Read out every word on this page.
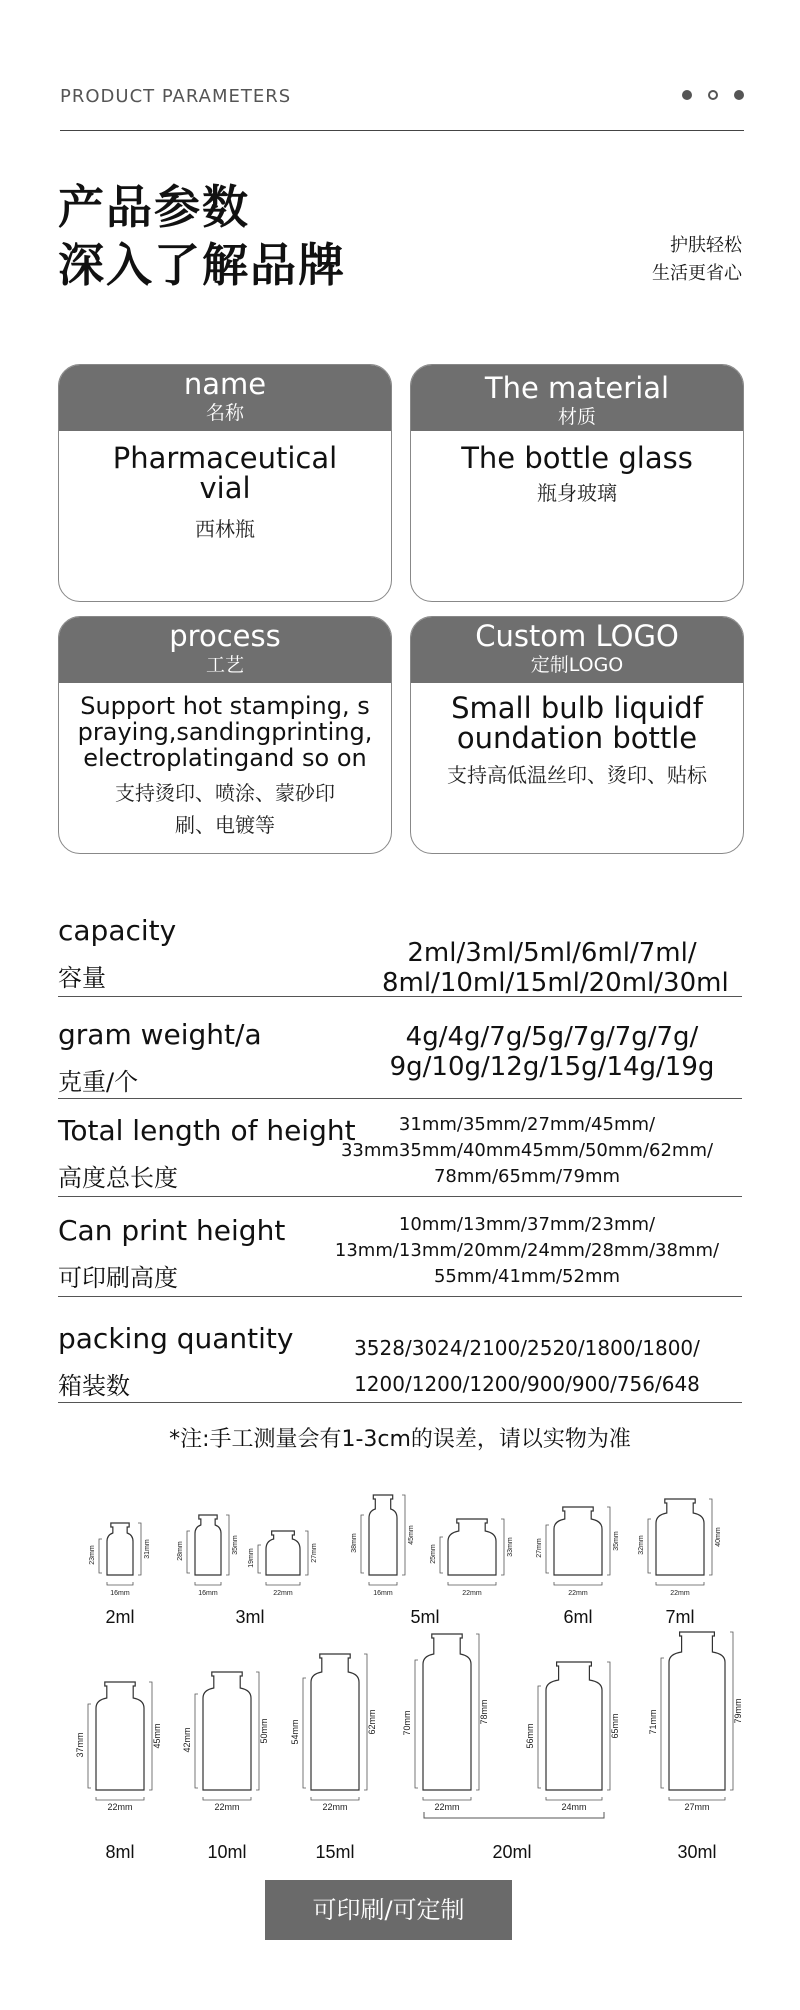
PRODUCT PARAMETERS
产品参数
深入了解品牌	护肤轻松
生活更省心
name
名称
Pharmaceutical vial
西林瓶
The material
材质
The bottle glass
瓶身玻璃
process
工艺
Support hot stamping, spraying,sandingprinting,electroplatingand so on
支持烫印、喷涂、蒙砂印刷、电镀等
Custom LOGO
定制LOGO
Small bulb liquidfoundation bottle
支持高低温丝印、烫印、贴标
capacity
容量
2ml/3ml/5ml/6ml/7ml/
8ml/10ml/15ml/20ml/30ml
gram weight/a
克重/个
4g/4g/7g/5g/7g/7g/7g/
9g/10g/12g/15g/14g/19g
Total length of height
高度总长度
31mm/35mm/27mm/45mm/
33mm35mm/40mm45mm/50mm/62mm/
78mm/65mm/79mm
Can print height
可印刷高度
10mm/13mm/37mm/23mm/
13mm/13mm/20mm/24mm/28mm/38mm/
55mm/41mm/52mm
packing quantity
箱装数
3528/3024/2100/2520/1800/1800/
1200/1200/1200/900/900/756/648
*注:手工测量会有1-3cm的误差，请以实物为准
23mm	31mm
16mm
28mm	35mm
16mm
19mm	27mm
22mm
38mm	45mm
16mm
25mm	33mm
22mm
27mm	35mm
22mm
32mm	40mm
22mm
37mm	45mm
22mm
42mm	50mm
22mm
54mm	62mm
22mm
70mm	78mm
22mm
56mm	65mm
24mm
71mm	79mm
27mm
2ml	3ml	5ml	6ml	7ml
8ml	10ml	15ml	20ml	30ml
可印刷/可定制
